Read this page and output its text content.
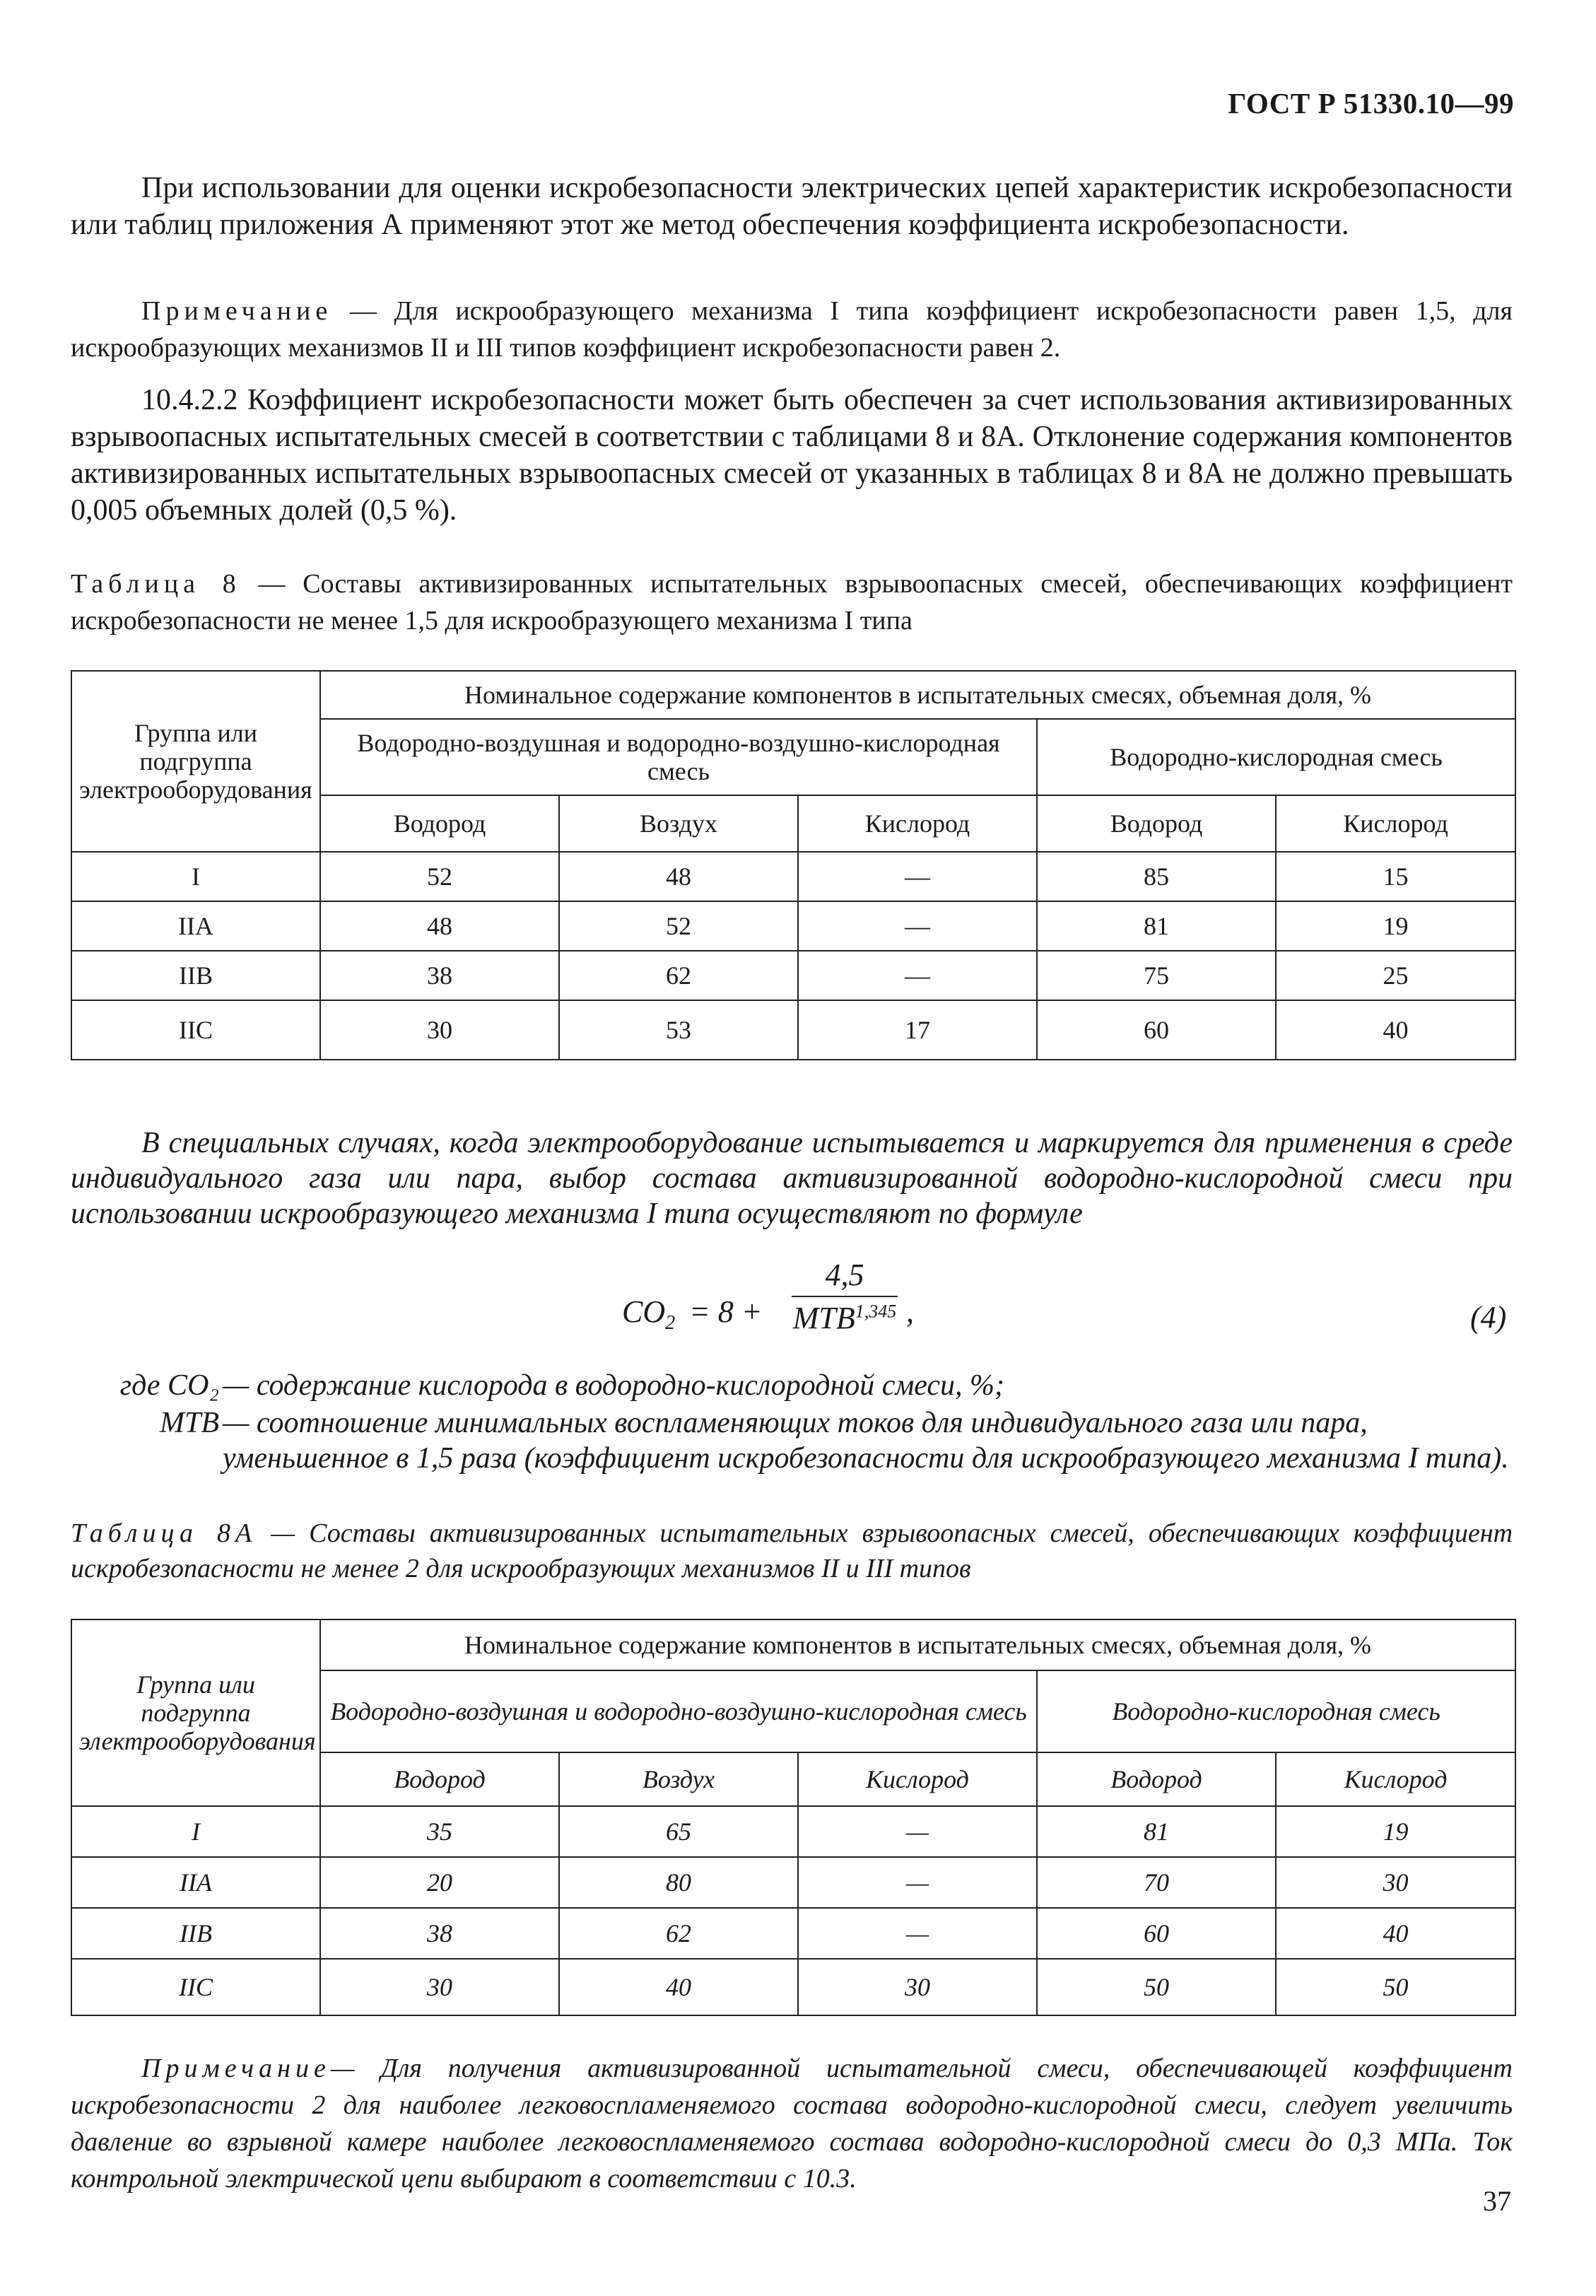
ГОСТ Р 51330.10—99
При использовании для оценки искробезопасности электрических цепей характеристик искробезопасности или таблиц приложения А применяют этот же метод обеспечения коэффициента искробезопасности.
Примечание — Для искрообразующего механизма I типа коэффициент искробезопасности равен 1,5, для искрообразующих механизмов II и III типов коэффициент искробезопасности равен 2.
10.4.2.2 Коэффициент искробезопасности может быть обеспечен за счет использования активизированных взрывоопасных испытательных смесей в соответствии с таблицами 8 и 8А. Отклонение содержания компонентов активизированных испытательных взрывоопасных смесей от указанных в таблицах 8 и 8А не должно превышать 0,005 объемных долей (0,5 %).
Таблица 8 — Составы активизированных испытательных взрывоопасных смесей, обеспечивающих коэффициент искробезопасности не менее 1,5 для искрообразующего механизма I типа
Группа или подгруппа электрооборудования	Номинальное содержание компонентов в испытательных смесях, объемная доля, %				
	Водородно-воздушная и водородно-воздушно-кислородная смесь			Водородно-кислородная смесь	
	Водород	Воздух	Кислород	Водород	Кислород
I	52	48	—	85	15
IIA	48	52	—	81	19
IIB	38	62	—	75	25
IIC	30	53	17	60	40
В специальных случаях, когда электрооборудование испытывается и маркируется для применения в среде индивидуального газа или пара, выбор состава активизированной водородно-кислородной смеси при использовании искрообразующего механизма I типа осуществляют по формуле
$CO_2 = 8$ +
4,5
MTB$^{1,345}$ ,	(4)
где CO₂ — содержание кислорода в водородно-кислородной смеси, %;
MTB — соотношение минимальных воспламеняющих токов для индивидуального газа или пара, уменьшенное в 1,5 раза (коэффициент искробезопасности для искрообразующего механизма I типа).
Таблица 8А — Составы активизированных испытательных взрывоопасных смесей, обеспечивающих коэффициент искробезопасности не менее 2 для искрообразующих механизмов II и III типов
Группа или подгруппа электрооборудования	Номинальное содержание компонентов в испытательных смесях, объемная доля, %				
	Водородно-воздушная и водородно-воздушно-кислородная смесь			Водородно-кислородная смесь	
	Водород	Воздух	Кислород	Водород	Кислород
I	35	65	—	81	19
IIA	20	80	—	70	30
IIB	38	62	—	60	40
IIC	30	40	30	50	50
Примечание— Для получения активизированной испытательной смеси, обеспечивающей коэффициент искробезопасности 2 для наиболее легковоспламеняемого состава водородно-кислородной смеси, следует увеличить давление во взрывной камере наиболее легковоспламеняемого состава водородно-кислородной смеси до 0,3 МПа. Ток контрольной электрической цепи выбирают в соответствии с 10.3.
37
